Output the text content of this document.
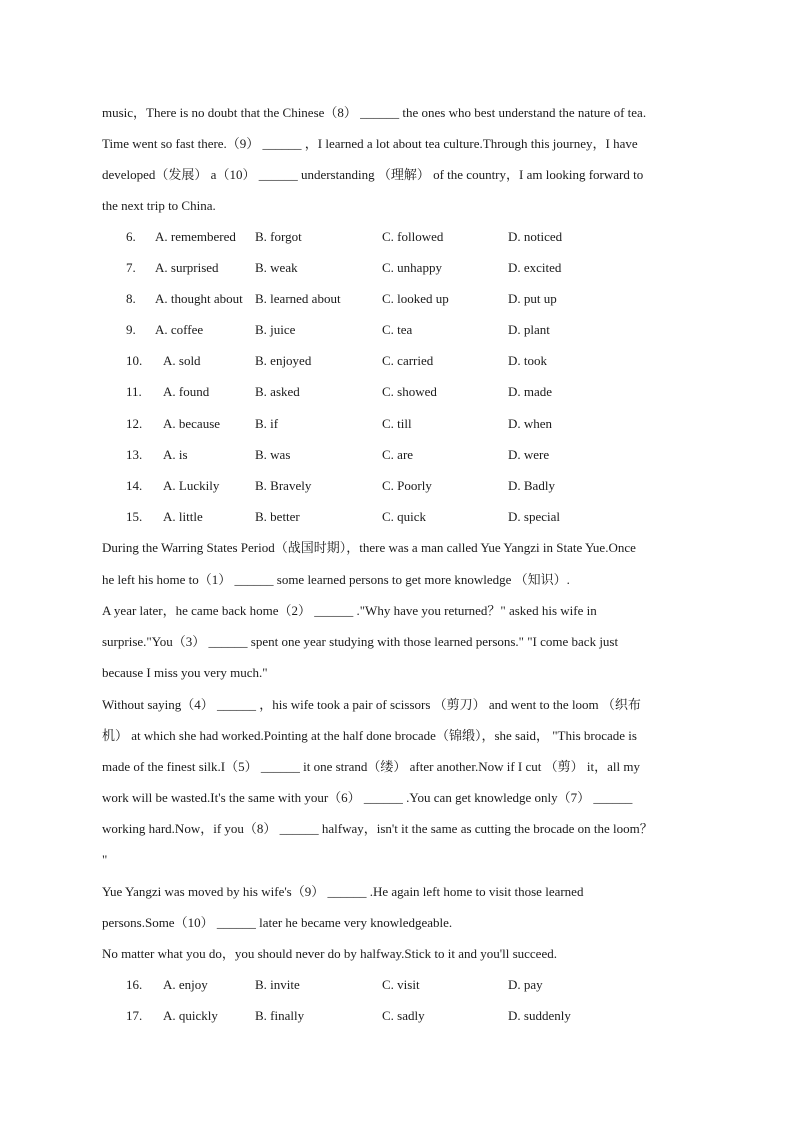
music，There is no doubt that the Chinese（8） ______ the ones who best understand the nature of tea.
Time went so fast there.（9） ______ ，I learned a lot about tea culture.Through this journey，I have
developed（发展） a（10） ______ understanding （理解） of the country，I am looking forward to
the next trip to China.
6. A. remembered B. forgot	C. followed	D. noticed
7. A. surprised	B. weak	C. unhappy	D. excited
8. A. thought about B. learned about	C. looked up	D. put up
9. A. coffee	B. juice	C. tea	D. plant
10. A. sold	B. enjoyed	C. carried	D. took
11. A. found	B. asked	C. showed	D. made
12. A. because	B. if	C. till	D. when
13. A. is	B. was	C. are	D. were
14. A. Luckily	B. Bravely	C. Poorly	D. Badly
15. A. little	B. better	C. quick	D. special
During the Warring States Period（战国时期），there was a man called Yue Yangzi in State Yue.Once
he left his home to（1） ______ some learned persons to get more knowledge （知识）.
A year later，he came back home（2） ______ ."Why have you returned？" asked his wife in
surprise."You（3） ______ spent one year studying with those learned persons." "I come back just
because I miss you very much."
Without saying（4） ______ ，his wife took a pair of scissors （剪刀） and went to the loom （织布
机） at which she had worked.Pointing at the half done brocade（锦缎），she said， "This brocade is
made of the finest silk.I（5） ______ it one strand（缕） after another.Now if I cut （剪） it，all my
work will be wasted.It's the same with your（6） ______ .You can get knowledge only（7） ______
working hard.Now，if you（8） ______ halfway，isn't it the same as cutting the brocade on the loom？
"
Yue Yangzi was moved by his wife's（9） ______ .He again left home to visit those learned
persons.Some（10） ______ later he became very knowledgeable.
No matter what you do，you should never do by halfway.Stick to it and you'll succeed.
16. A. enjoy	B. invite	C. visit	D. pay
17. A. quickly	B. finally	C. sadly	D. suddenly
